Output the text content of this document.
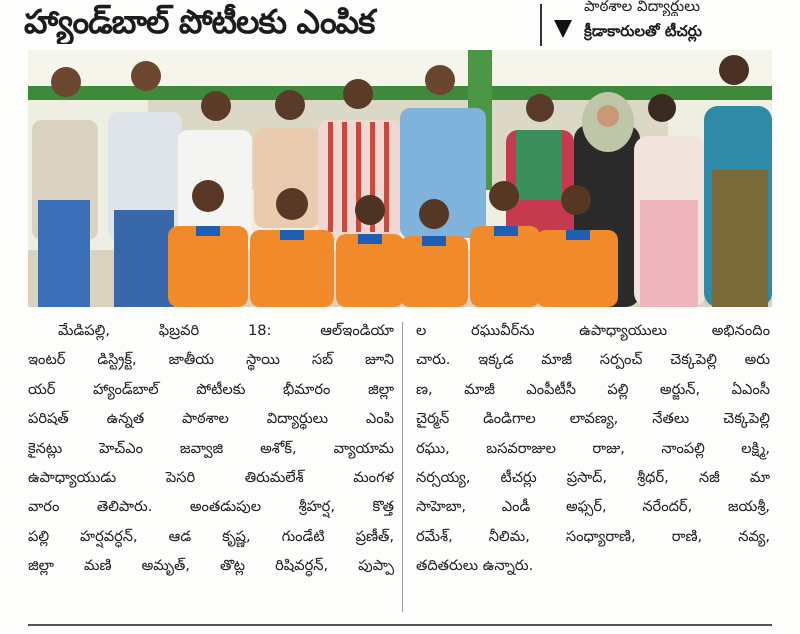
హ్యాండ్‌బాల్ పోటీలకు ఎంపిక	పాఠశాల విద్యార్థులు
క్రీడాకారులతో టీచర్లు
మేడిపల్లి, ఫిబ్రవరి 18: ఆల్‌ఇండియా
ఇంటర్ డిస్ట్రిక్ట్, జాతీయ స్థాయి సబ్ జూని
యర్ హ్యాండ్‌బాల్ పోటీలకు భీమారం జిల్లా
పరిషత్ ఉన్నత పాఠశాల విద్యార్థులు ఎంపి
కైనట్లు హెచ్‌ఎం జవ్వాజి అశోక్, వ్యాయామ
ఉపాధ్యాయుడు పెసరి తిరుమలేశ్ మంగళ
వారం తెలిపారు. అంతడుపుల శ్రీహర్ష, కొత్త
పల్లి హర్షవర్ధన్, ఆడ కృష్ణ, గుండేటి ప్రణీత్,
జిల్లా మణి అమృత్, తొట్ల రిషివర్ధన్, పుప్పా
ల రఘువీర్‌ను ఉపాధ్యాయులు అభినందిం
చారు. ఇక్కడ మాజీ సర్పంచ్ చెక్కపెల్లి అరు
ణ, మాజీ ఎంపీటీసీ పల్లి అర్జున్, ఏఎంసీ
చైర్మన్ డిండిగాల లావణ్య, నేతలు చెక్కపెల్లి
రఘు, బసవరాజుల రాజు, నాంపల్లి లక్ష్మి,
నర్సయ్య, టీచర్లు ప్రసాద్, శ్రీధర్, నజీ మా
సాహెబా, ఎండీ అఫ్సర్, నరేందర్, జయశ్రీ,
రమేశ్, నీలిమ, సంధ్యారాణి, రాణి, నవ్య,
తదితరులు ఉన్నారు.
